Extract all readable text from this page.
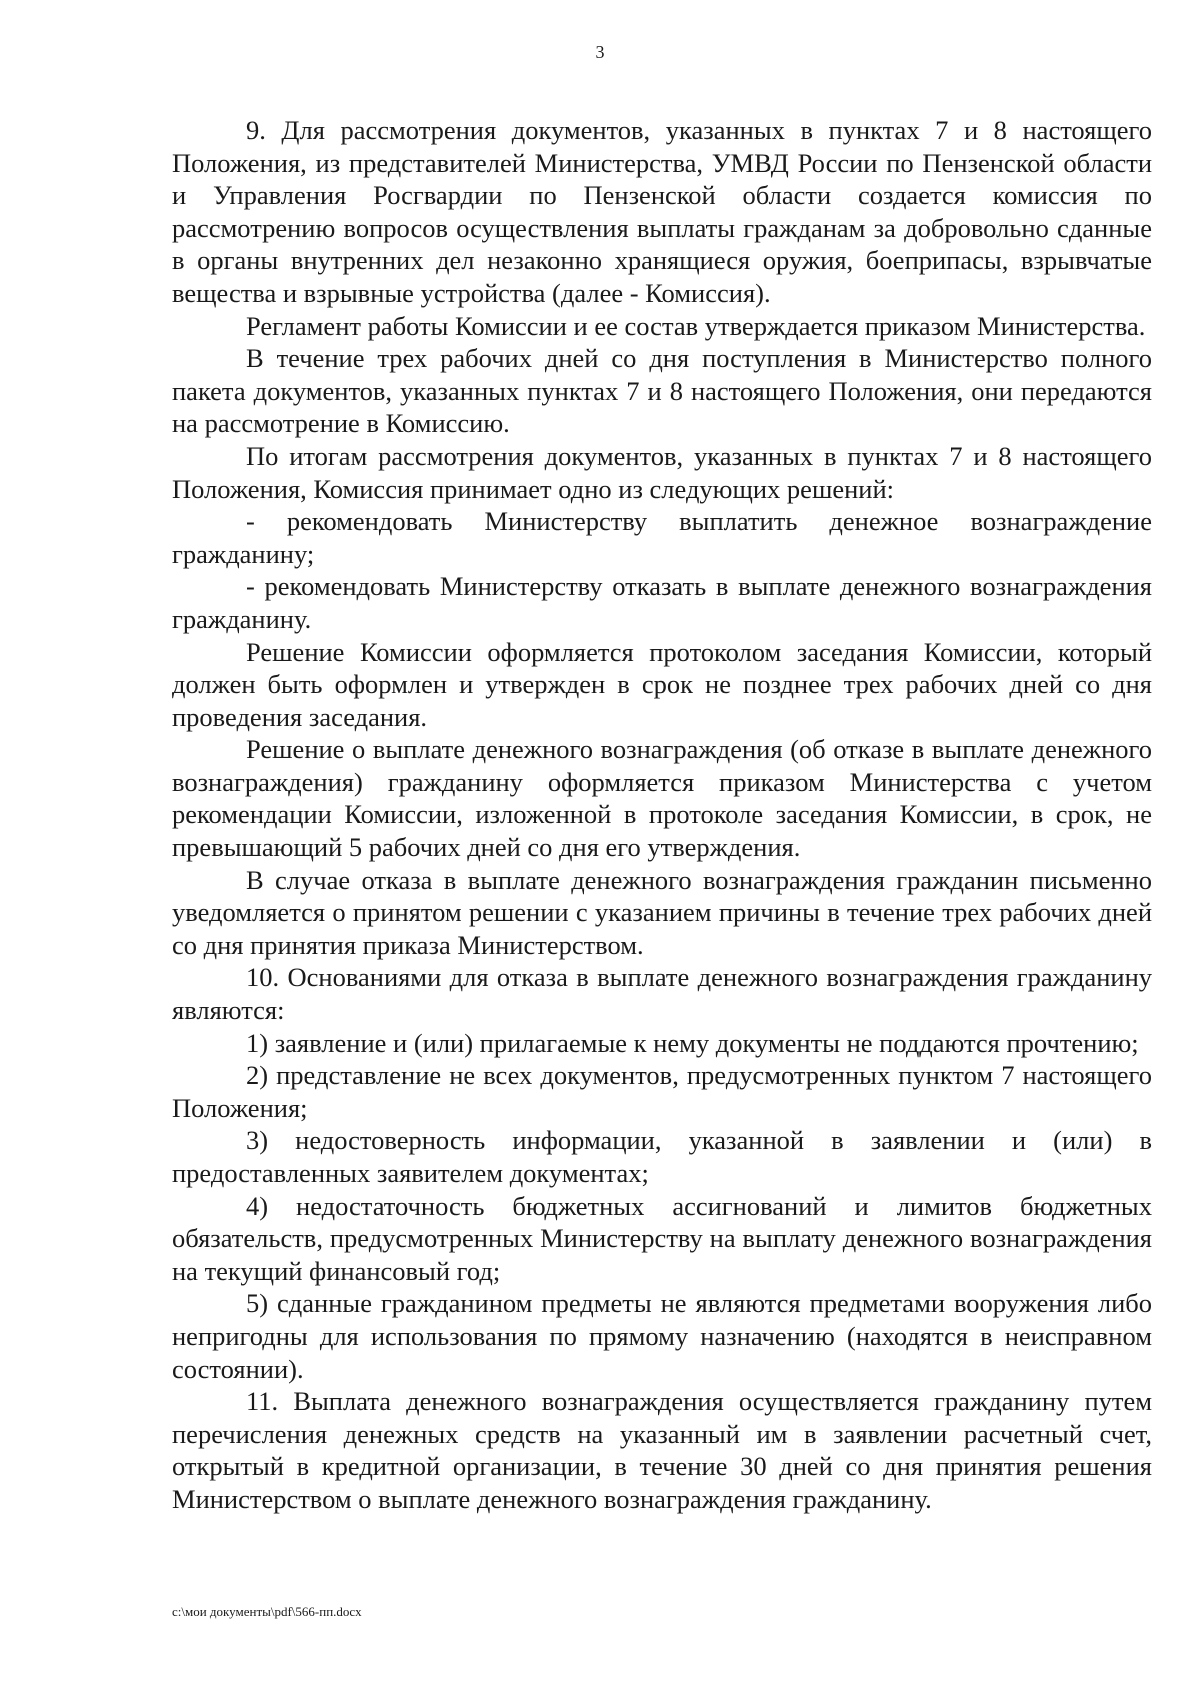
3

9. Для рассмотрения документов, указанных в пунктах 7 и 8 настоящего Положения, из представителей Министерства, УМВД России по Пензенской области и Управления Росгвардии по Пензенской области создается комиссия по рассмотрению вопросов осуществления выплаты гражданам за добровольно сданные в органы внутренних дел незаконно хранящиеся оружия, боеприпасы, взрывчатые вещества и взрывные устройства (далее - Комиссия).

Регламент работы Комиссии и ее состав утверждается приказом Министерства.

В течение трех рабочих дней со дня поступления в Министерство полного пакета документов, указанных пунктах 7 и 8 настоящего Положения, они передаются на рассмотрение в Комиссию.

По итогам рассмотрения документов, указанных в пунктах 7 и 8 настоящего Положения, Комиссия принимает одно из следующих решений:

- рекомендовать Министерству выплатить денежное вознаграждение гражданину;

- рекомендовать Министерству отказать в выплате денежного вознаграждения гражданину.

Решение Комиссии оформляется протоколом заседания Комиссии, который должен быть оформлен и утвержден в срок не позднее трех рабочих дней со дня проведения заседания.

Решение о выплате денежного вознаграждения (об отказе в выплате денежного вознаграждения) гражданину оформляется приказом Министерства с учетом рекомендации Комиссии, изложенной в протоколе заседания Комиссии, в срок, не превышающий 5 рабочих дней со дня его утверждения.

В случае отказа в выплате денежного вознаграждения гражданин письменно уведомляется о принятом решении с указанием причины в течение трех рабочих дней со дня принятия приказа Министерством.

10. Основаниями для отказа в выплате денежного вознаграждения гражданину являются:

1) заявление и (или) прилагаемые к нему документы не поддаются прочтению;

2) представление не всех документов, предусмотренных пунктом 7 настоящего Положения;

3) недостоверность информации, указанной в заявлении и (или) в предоставленных заявителем документах;

4) недостаточность бюджетных ассигнований и лимитов бюджетных обязательств, предусмотренных Министерству на выплату денежного вознаграждения на текущий финансовый год;

5) сданные гражданином предметы не являются предметами вооружения либо непригодны для использования по прямому назначению (находятся в неисправном состоянии).

11. Выплата денежного вознаграждения осуществляется гражданину путем перечисления денежных средств на указанный им в заявлении расчетный счет, открытый в кредитной организации, в течение 30 дней со дня принятия решения Министерством о выплате денежного вознаграждения гражданину.

c:\мои документы\pdf\566-пп.docx
